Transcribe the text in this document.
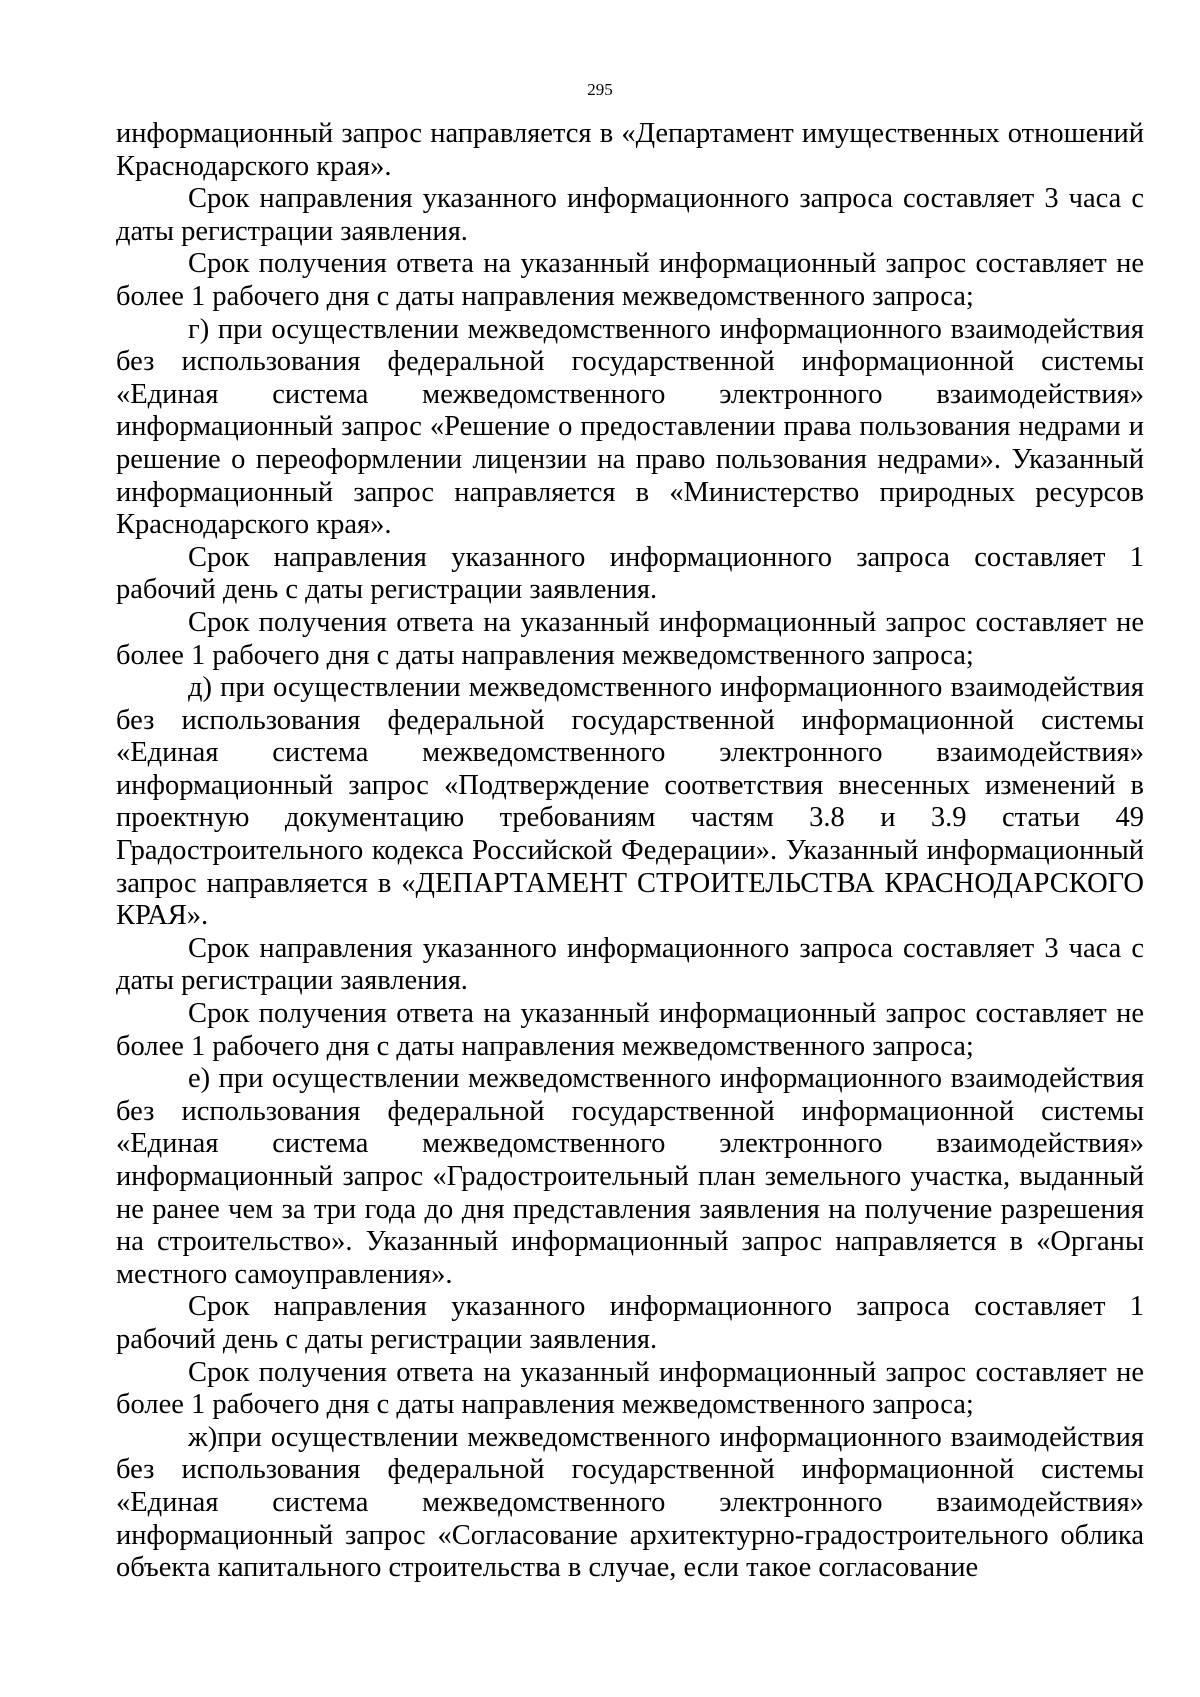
295

информационный запрос направляется в «Департамент имущественных отношений Краснодарского края».

Срок направления указанного информационного запроса составляет 3 часа с даты регистрации заявления.

Срок получения ответа на указанный информационный запрос составляет не более 1 рабочего дня с даты направления межведомственного запроса;

г) при осуществлении межведомственного информационного взаимодействия без использования федеральной государственной информационной системы «Единая система межведомственного электронного взаимодействия» информационный запрос «Решение о предоставлении права пользования недрами и решение о переоформлении лицензии на право пользования недрами». Указанный информационный запрос направляется в «Министерство природных ресурсов Краснодарского края».

Срок направления указанного информационного запроса составляет 1 рабочий день с даты регистрации заявления.

Срок получения ответа на указанный информационный запрос составляет не более 1 рабочего дня с даты направления межведомственного запроса;

д) при осуществлении межведомственного информационного взаимодействия без использования федеральной государственной информационной системы «Единая система межведомственного электронного взаимодействия» информационный запрос «Подтверждение соответствия внесенных изменений в проектную документацию требованиям частям 3.8 и 3.9 статьи 49 Градостроительного кодекса Российской Федерации». Указанный информационный запрос направляется в «ДЕПАРТАМЕНТ СТРОИТЕЛЬСТВА КРАСНОДАРСКОГО КРАЯ».

Срок направления указанного информационного запроса составляет 3 часа с даты регистрации заявления.

Срок получения ответа на указанный информационный запрос составляет не более 1 рабочего дня с даты направления межведомственного запроса;

е) при осуществлении межведомственного информационного взаимодействия без использования федеральной государственной информационной системы «Единая система межведомственного электронного взаимодействия» информационный запрос «Градостроительный план земельного участка, выданный не ранее чем за три года до дня представления заявления на получение разрешения на строительство». Указанный информационный запрос направляется в «Органы местного самоуправления».

Срок направления указанного информационного запроса составляет 1 рабочий день с даты регистрации заявления.

Срок получения ответа на указанный информационный запрос составляет не более 1 рабочего дня с даты направления межведомственного запроса;

ж)при осуществлении межведомственного информационного взаимодействия без использования федеральной государственной информационной системы «Единая система межведомственного электронного взаимодействия» информационный запрос «Согласование архитектурно-градостроительного облика объекта капитального строительства в случае, если такое согласование
